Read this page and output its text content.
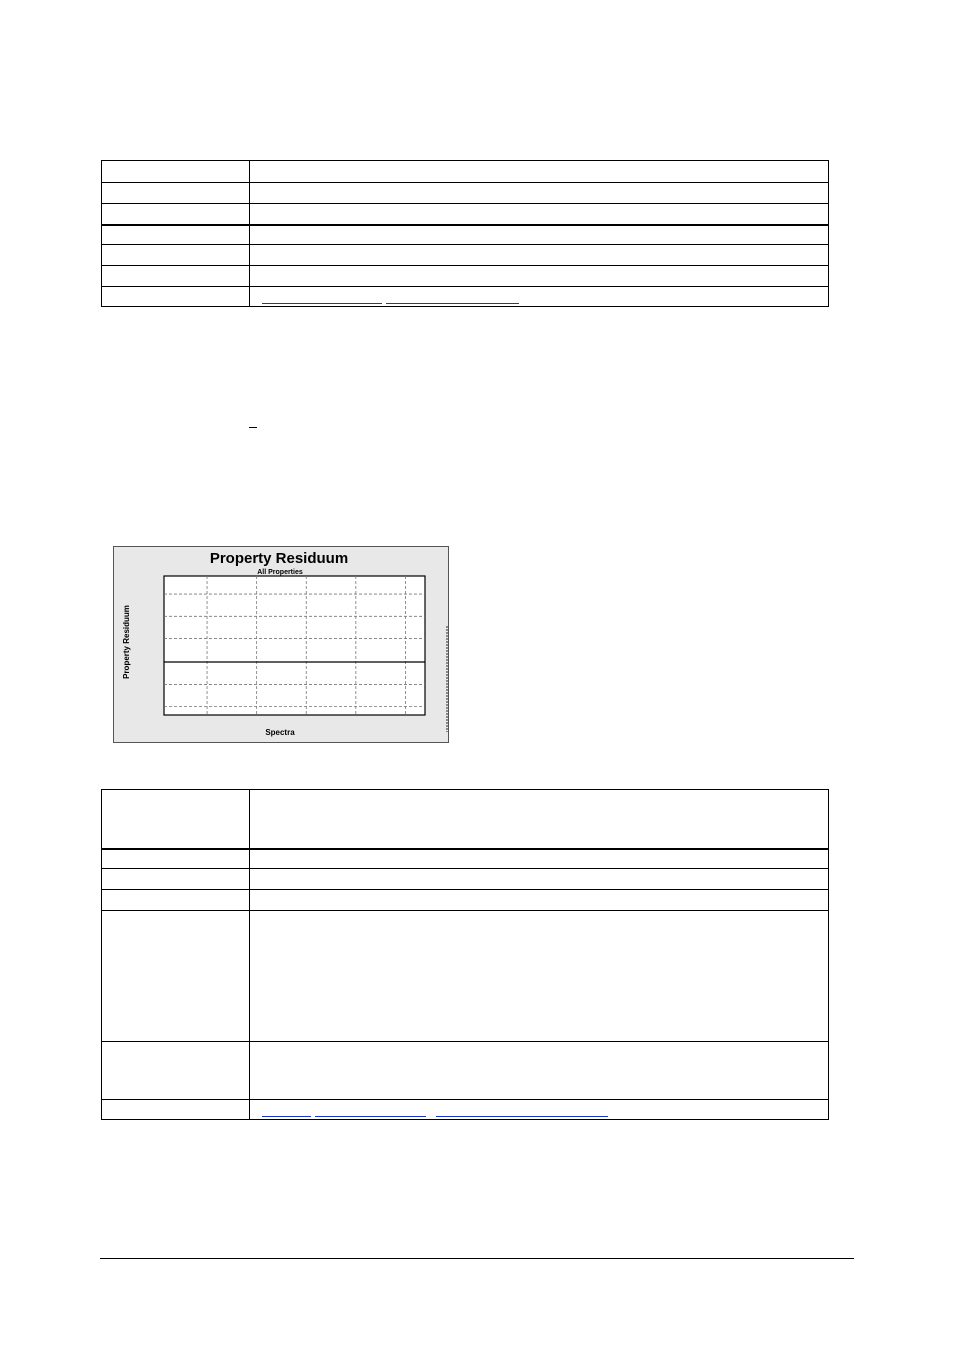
Property Residuum
All Properties
Spectra
Property Residuum
